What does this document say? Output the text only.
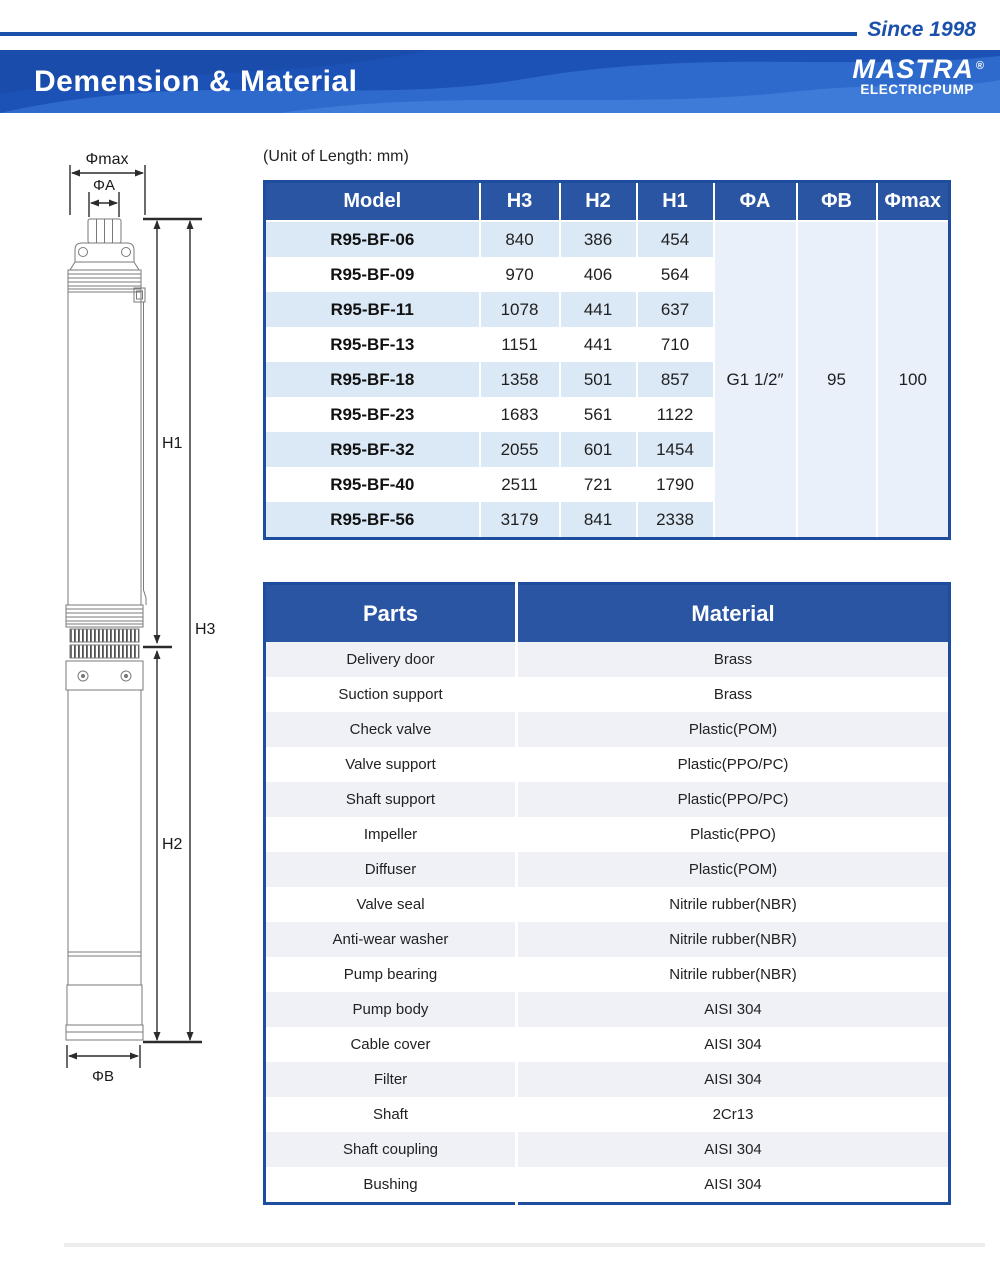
Since 1998
Demension & Material	MASTRA ®
ELECTRICPUMP
(Unit of Length: mm)
Φmax
ΦA
H1
H3
H2
ΦB
Model	H3	H2	H1	ΦA	ΦB	Φmax
R95-BF-06	840	386	454	G1 1/2″	95	100
R95-BF-09	970	406	564			
R95-BF-11	1078	441	637			
R95-BF-13	1151	441	710			
R95-BF-18	1358	501	857			
R95-BF-23	1683	561	1122			
R95-BF-32	2055	601	1454			
R95-BF-40	2511	721	1790			
R95-BF-56	3179	841	2338			
Parts	Material
Delivery door	Brass
Suction support	Brass
Check valve	Plastic(POM)
Valve support	Plastic(PPO/PC)
Shaft support	Plastic(PPO/PC)
Impeller	Plastic(PPO)
Diffuser	Plastic(POM)
Valve seal	Nitrile rubber(NBR)
Anti-wear washer	Nitrile rubber(NBR)
Pump bearing	Nitrile rubber(NBR)
Pump body	AISI 304
Cable cover	AISI 304
Filter	AISI 304
Shaft	2Cr13
Shaft coupling	AISI 304
Bushing	AISI 304
